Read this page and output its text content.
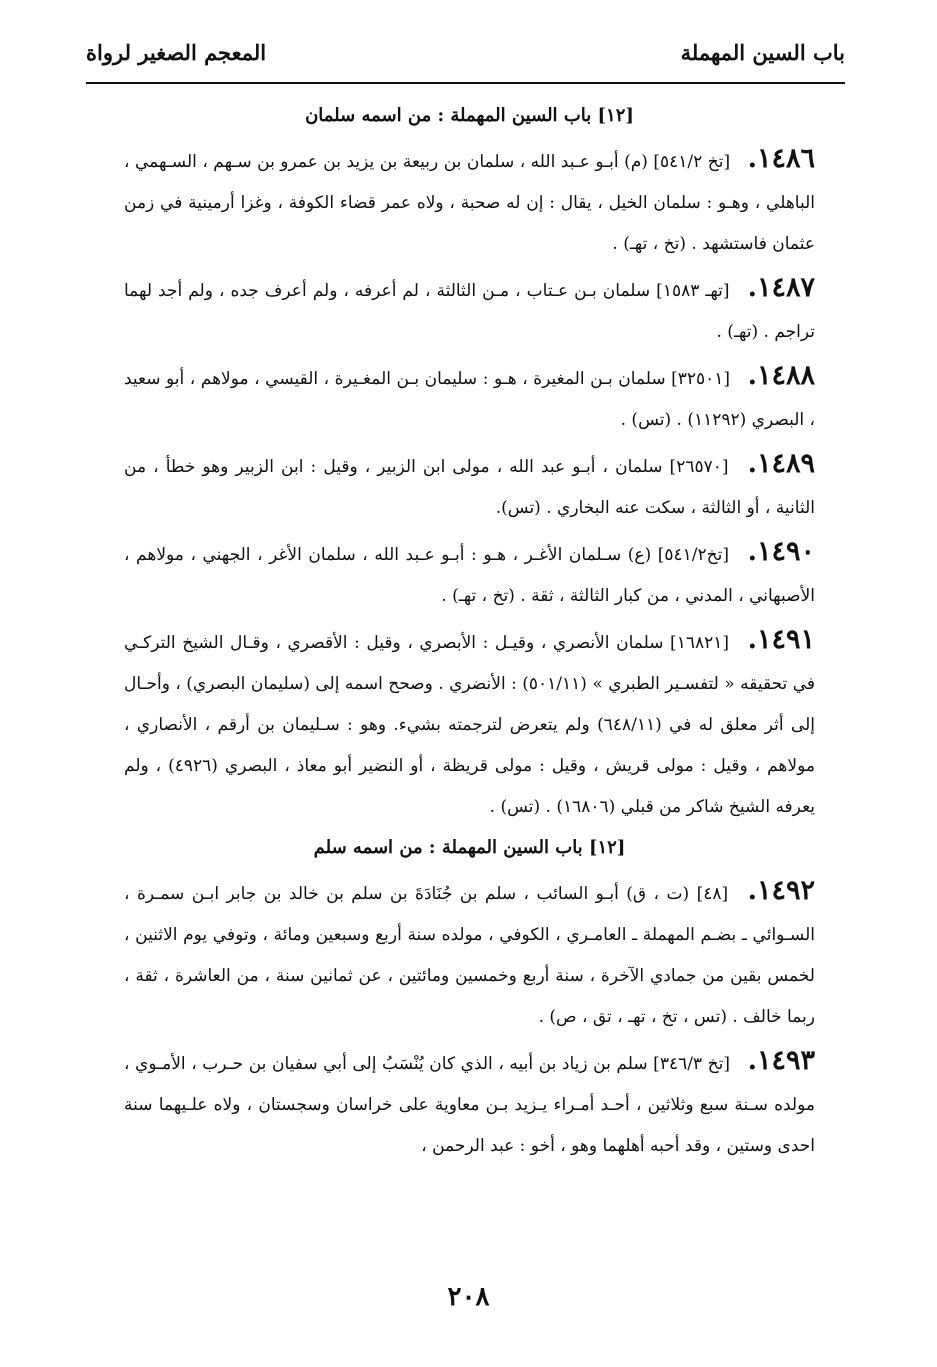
باب السين المهملة
المعجم الصغير لرواة

[١٢] باب السين المهملة : من اسمه سلمان

١٤٨٦. [تخ ٥٤١/٢] (م) أبـو عـبد الله ، سلمان بن ربيعة بن يزيد بن عمرو بن سـهم ، السـهمي ، الباهلي ، وهـو : سلمان الخيل ، يقال : إن له صحبة ، ولاه عمر قضاء الكوفة ، وغزا أرمينية في زمن عثمان فاستشهد . (تخ ، تهـ) .

١٤٨٧. [تهـ ١٥٨٣] سلمان بـن عـتاب ، مـن الثالثة ، لم أعرفه ، ولم أعرف جده ، ولم أجد لهما تراجم . (تهـ) .

١٤٨٨. [٣٢٥٠١] سلمان بـن المغيرة ، هـو : سليمان بـن المغـيرة ، القيسي ، مولاهم ، أبو سعيد ، البصري (١١٢٩٢) . (تس) .

١٤٨٩. [٢٦٥٧٠] سلمان ، أبـو عبد الله ، مولى ابن الزبير ، وقيل : ابن الزبير وهو خطأ ، من الثانية ، أو الثالثة ، سكت عنه البخاري . (تس).

١٤٩٠. [تخ٥٤١/٢] (ع) سـلمان الأغـر ، هـو : أبـو عـبد الله ، سلمان الأغر ، الجهني ، مولاهم ، الأصبهاني ، المدني ، من كبار الثالثة ، ثقة . (تخ ، تهـ) .

١٤٩١. [١٦٨٢١] سلمان الأنصري ، وقيـل : الأبصري ، وقيل : الأقصري ، وقـال الشيخ التركـي في تحقيقه « لتفسـير الطبري » (٥٠١/١١) : الأنضري . وصحح اسمه إلى (سليمان البصري) ، وأحـال إلى أثر معلق له في (٦٤٨/١١) ولم يتعرض لترجمته بشيء. وهو : سـليمان بن أرقم ، الأنصاري ، مولاهم ، وقيل : مولى قريش ، وقيل : مولى قريظة ، أو النضير أبو معاذ ، البصري (٤٩٢٦) ، ولم يعرفه الشيخ شاكر من قبلي (١٦٨٠٦) . (تس) .

[١٢] باب السين المهملة : من اسمه سلم

١٤٩٢. [٤٨] (ت ، ق) أبـو السائب ، سلم بن جُنَادَةَ بن سلم بن خالد بن جابر ابـن سمـرة ، السـوائي ـ بضـم المهملة ـ العامـري ، الكوفي ، مولده سنة أربع وسبعين ومائة ، وتوفي يوم الاثنين ، لخمس بقين من جمادي الآخرة ، سنة أربع وخمسين ومائتين ، عن ثمانين سنة ، من العاشرة ، ثقة ، ربما خالف . (تس ، تخ ، تهـ ، تق ، ص) .

١٤٩٣. [تخ ٣٤٦/٣] سلم بن زياد بن أبيه ، الذي كان يُنْسَبُ إلى أبي سفيان بن حـرب ، الأمـوي ، مولده سـنة سبع وثلاثين ، أحـد أمـراء يـزيد بـن معاوية على خراسان وسجستان ، ولاه علـيهما سنة احدى وستين ، وقد أحبه أهلهما وهو ، أخو : عبد الرحمن ،

٢٠٨
